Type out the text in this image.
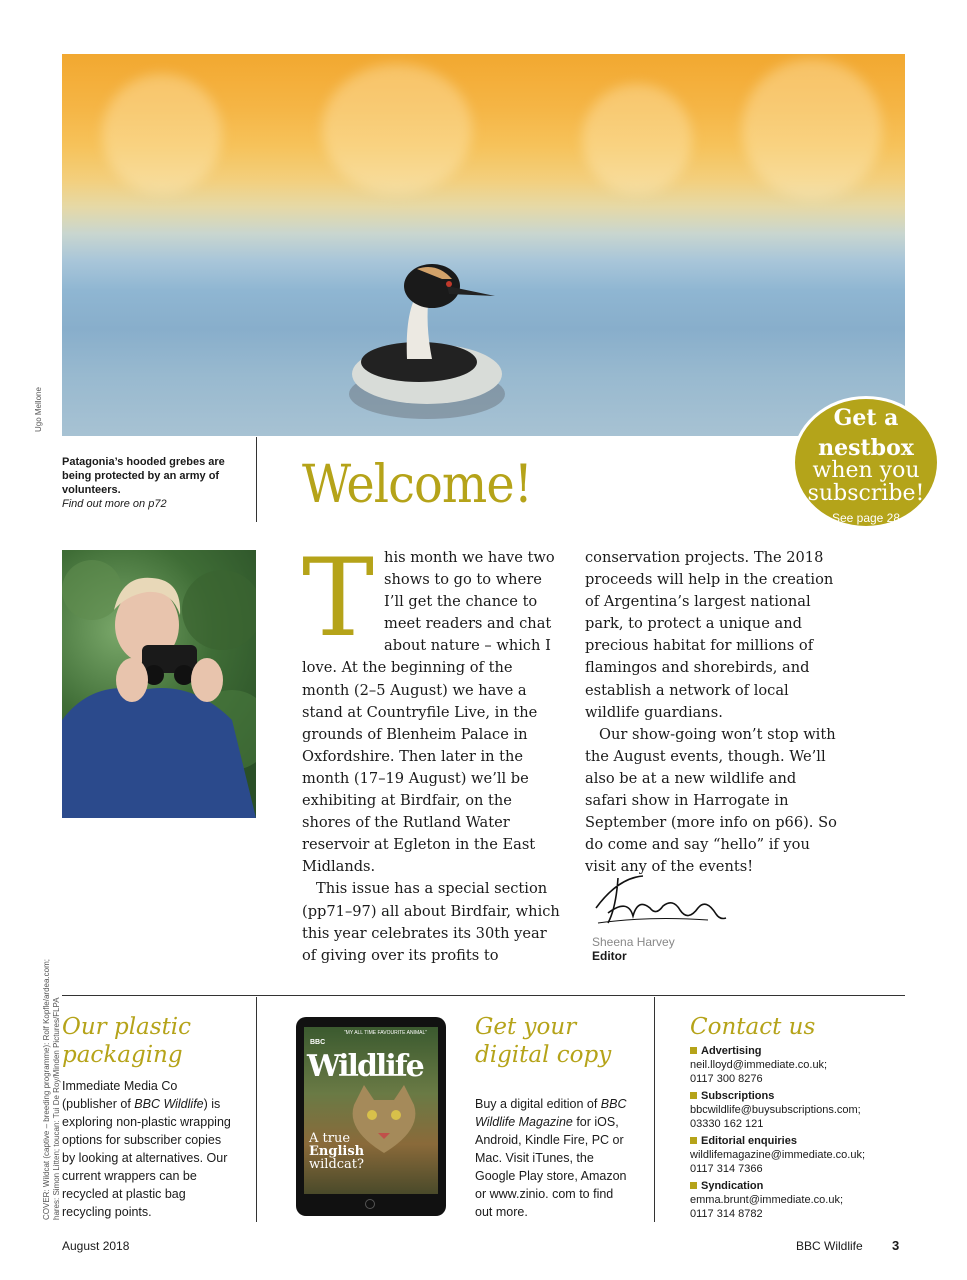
Ugo Mellone
Patagonia’s hooded grebes are being protected by an army of volunteers.
Find out more on p72	Welcome!
Get a
nestbox
when you
subscribe!
See page 28
T his month we have two shows to go to where I’ll get the chance to meet readers and chat about nature – which I love. At the beginning of the month (2–5 August) we have a stand at Countryfile Live, in the grounds of Blenheim Palace in Oxfordshire. Then later in the month (17–19 August) we’ll be exhibiting at Birdfair, on the shores of the Rutland Water reservoir at Egleton in the East Midlands.
This issue has a special section (pp71–97) all about Birdfair, which this year celebrates its 30th year of giving over its profits to
conservation projects. The 2018 proceeds will help in the creation of Argentina’s largest national park, to protect a unique and precious habitat for millions of flamingos and shorebirds, and establish a network of local wildlife guardians.
Our show-going won’t stop with the August events, though. We’ll also be at a new wildlife and safari show in Harrogate in September (more info on p66). So do come and say “hello” if you visit any of the events!
Sheena Harvey
Editor
COVER: Wildcat (captive – breeding programme): Rolf Kopfle/ardea.com; hares: Simon Litten; toucan: Tui De Roy/Minden Pictures/FLPA Our plastic
packaging
Immediate Media Co (publisher of BBC Wildlife) is exploring non-plastic wrapping options for subscriber copies by looking at alternatives. Our current wrappers can be recycled at plastic bag recycling points.
“MY ALL TIME FAVOURITE ANIMAL”
BBC
Wildlife
A true
English
wildcat?
Get your
digital copy
Buy a digital edition of BBC Wildlife Magazine for iOS, Android, Kindle Fire, PC or Mac. Visit iTunes, the Google Play store, Amazon or www.zinio. com to find out more.
Contact us
Advertising
neil.lloyd@immediate.co.uk;
0117 300 8276
Subscriptions
bbcwildlife@buysubscriptions.com;
03330 162 121
Editorial enquiries
wildlifemagazine@immediate.co.uk;
0117 314 7366
Syndication
emma.brunt@immediate.co.uk;
0117 314 8782
August 2018	BBC Wildlife 3
